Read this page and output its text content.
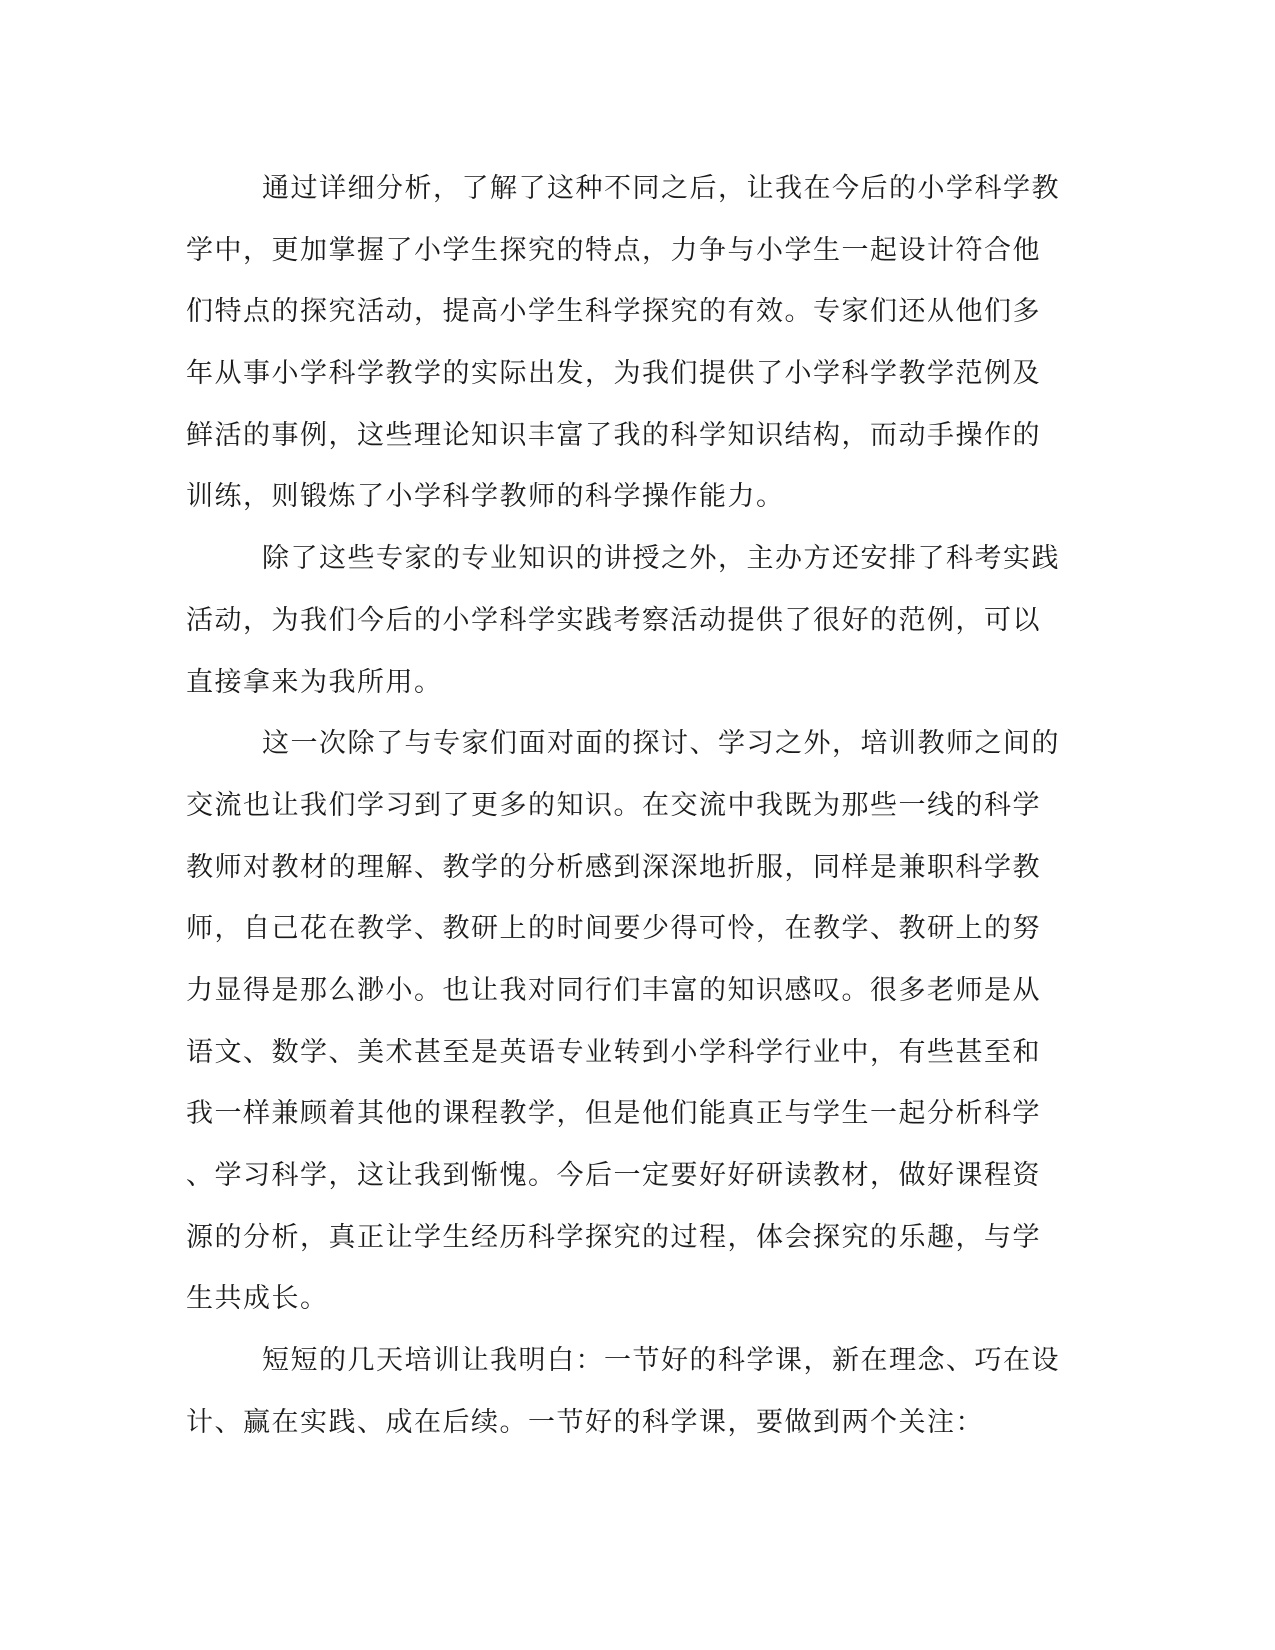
通过详细分析，了解了这种不同之后，让我在今后的小学科学教
学中，更加掌握了小学生探究的特点，力争与小学生一起设计符合他
们特点的探究活动，提高小学生科学探究的有效。专家们还从他们多
年从事小学科学教学的实际出发，为我们提供了小学科学教学范例及
鲜活的事例，这些理论知识丰富了我的科学知识结构，而动手操作的
训练，则锻炼了小学科学教师的科学操作能力。
除了这些专家的专业知识的讲授之外，主办方还安排了科考实践
活动，为我们今后的小学科学实践考察活动提供了很好的范例，可以
直接拿来为我所用。
这一次除了与专家们面对面的探讨、学习之外，培训教师之间的
交流也让我们学习到了更多的知识。在交流中我既为那些一线的科学
教师对教材的理解、教学的分析感到深深地折服，同样是兼职科学教
师，自己花在教学、教研上的时间要少得可怜，在教学、教研上的努
力显得是那么渺小。也让我对同行们丰富的知识感叹。很多老师是从
语文、数学、美术甚至是英语专业转到小学科学行业中，有些甚至和
我一样兼顾着其他的课程教学，但是他们能真正与学生一起分析科学
、学习科学，这让我到惭愧。今后一定要好好研读教材，做好课程资
源的分析，真正让学生经历科学探究的过程，体会探究的乐趣，与学
生共成长。
短短的几天培训让我明白：一节好的科学课，新在理念、巧在设
计、赢在实践、成在后续。一节好的科学课，要做到两个关注：
